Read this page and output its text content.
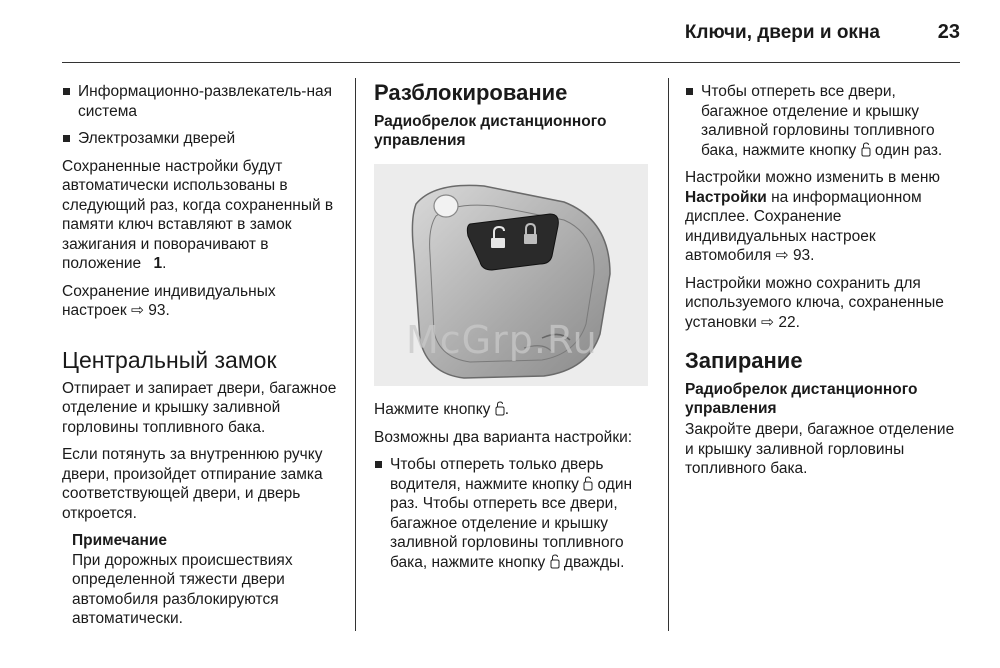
Ключи, двери и окна	23
Информационно-развлекатель-ная система
Электрозамки дверей

Сохраненные настройки будут автоматически использованы в следующий раз, когда сохраненный в памяти ключ вставляют в замок зажигания и поворачивают в положение 1.

Сохранение индивидуальных настроек ⇨ 93.

Центральный замок

Отпирает и запирает двери, багажное отделение и крышку заливной горловины топливного бака.

Если потянуть за внутреннюю ручку двери, произойдет отпирание замка соответствующей двери, и дверь откроется.

Примечание
При дорожных происшествиях определенной тяжести двери автомобиля разблокируются автоматически.
Разблокирование
Радиобрелок дистанционного управления

Нажмите кнопку .

Возможны два варианта настройки:

Чтобы отпереть только дверь водителя, нажмите кнопку один раз. Чтобы отпереть все двери, багажное отделение и крышку заливной горловины топливного бака, нажмите кнопку дважды.
Чтобы отпереть все двери, багажное отделение и крышку заливной горловины топливного бака, нажмите кнопку один раз.

Настройки можно изменить в меню Настройки на информационном дисплее. Сохранение индивидуальных настроек автомобиля ⇨ 93.

Настройки можно сохранить для используемого ключа, сохраненные установки ⇨ 22.

Запирание
Радиобрелок дистанционного управления

Закройте двери, багажное отделение и крышку заливной горловины топливного бака.

McGrp.Ru
